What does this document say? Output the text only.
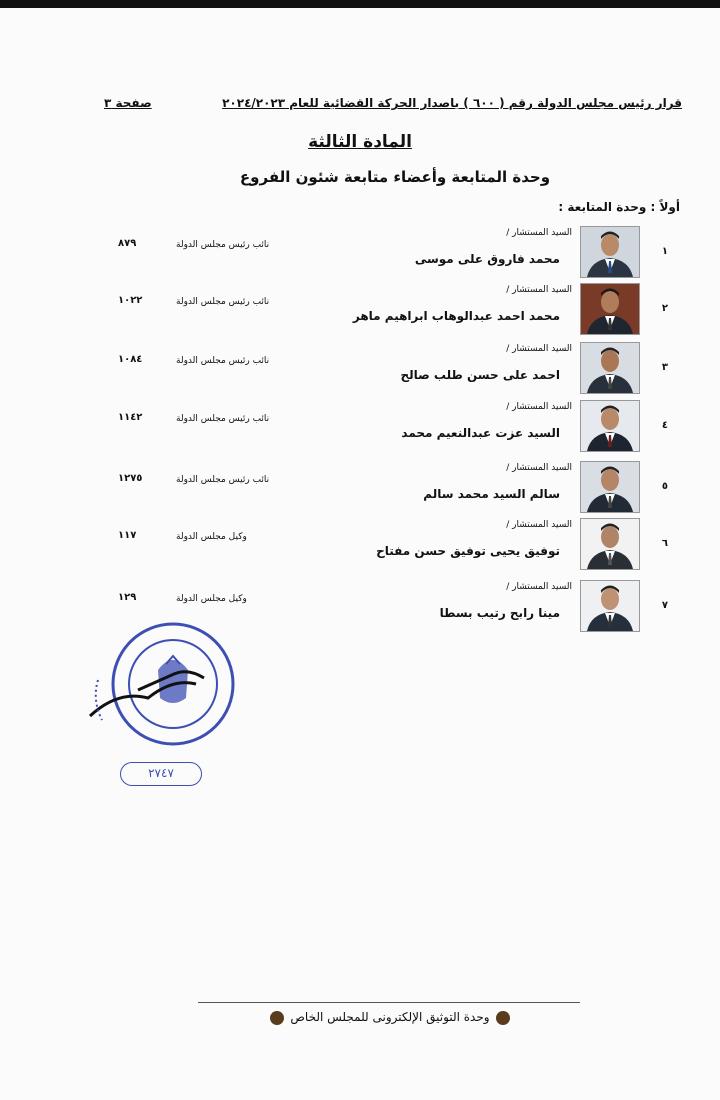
قرار رئيس مجلس الدولة رقم ( ٦٠٠ ) باصدار الحركة القضائية للعام ٢٠٢٤/٢٠٢٣
صفحة ٣
المادة الثالثة
وحدة المتابعة وأعضاء متابعة شئون الفروع
أولاً : وحدة المتابعة :
١
السيد المستشار /
محمد فاروق على موسى
نائب رئيس مجلس الدولة
٨٧٩
٢
السيد المستشار /
محمد احمد عبدالوهاب ابراهيم ماهر
نائب رئيس مجلس الدولة
١٠٢٢
٣
السيد المستشار /
احمد على حسن طلب صالح
نائب رئيس مجلس الدولة
١٠٨٤
٤
السيد المستشار /
السيد عزت عبدالنعيم محمد
نائب رئيس مجلس الدولة
١١٤٢
٥
السيد المستشار /
سالم السيد محمد سالم
نائب رئيس مجلس الدولة
١٢٧٥
٦
السيد المستشار /
توفيق يحيى توفيق حسن مفتاح
وكيل مجلس الدولة
١١٧
٧
السيد المستشار /
مينا رابح رتيب بسطا
وكيل مجلس الدولة
١٢٩
٢٧٤٧
وحدة التوثيق الإلكترونى للمجلس الخاص
